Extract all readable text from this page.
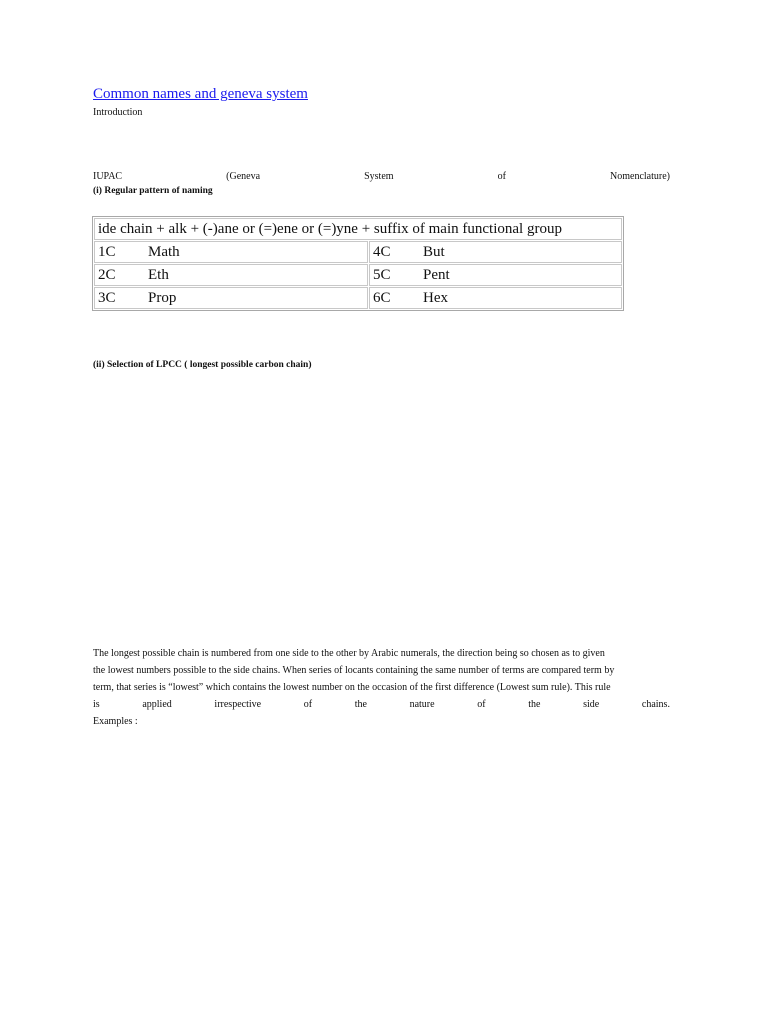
Common names and geneva system
Introduction
IUPAC	(Geneva	System	of	Nomenclature)
(i) Regular pattern of naming
ide chain + alk + (-)ane or (=)ene or (=)yne + suffix of main functional group	

1C Math	4C But

2C Eth	5C Pent

3C Prop	6C Hex
(ii) Selection of LPCC ( longest possible carbon chain)
The longest possible chain is numbered from one side to the other by Arabic numerals, the direction being so chosen as to given
the lowest numbers possible to the side chains. When series of locants containing the same number of terms are compared term by
term, that series is “lowest” which contains the lowest number on the occasion of the first difference (Lowest sum rule). This rule
is	applied	irrespective	of	the	nature	of	the	side	chains.
Examples :
